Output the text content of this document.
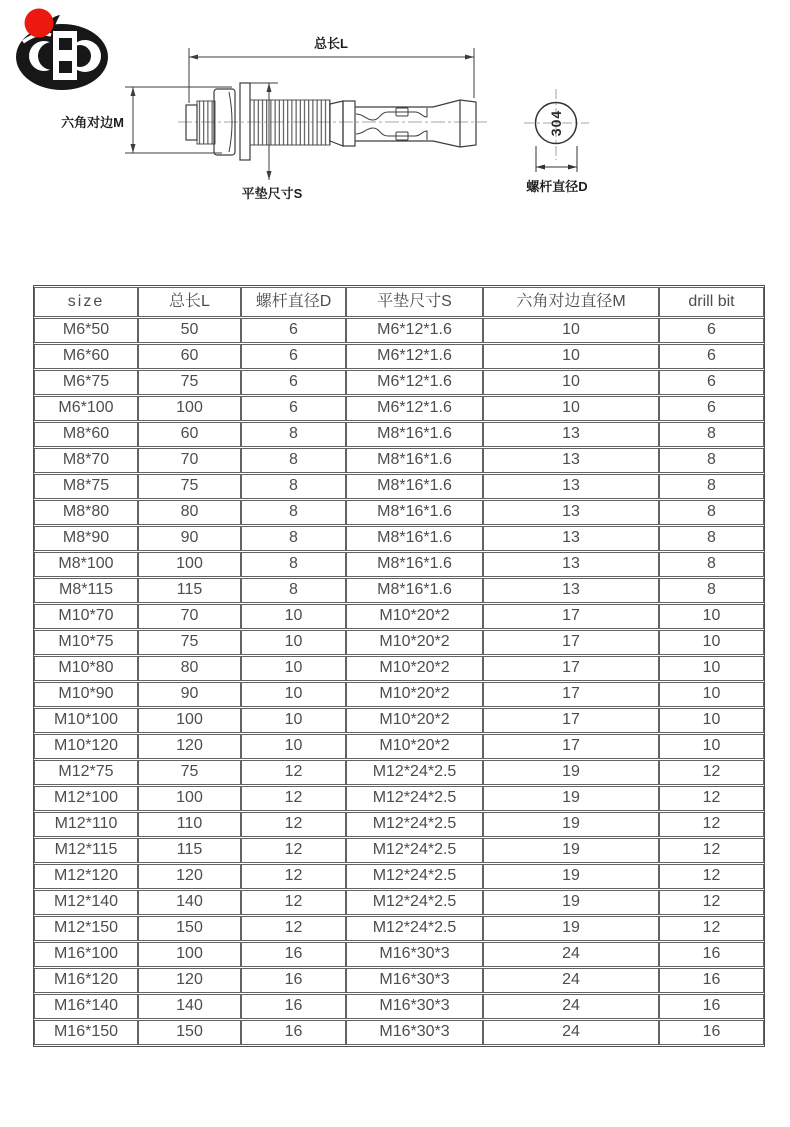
总长L
六角对边M
平垫尺寸S
304
螺杆直径D
size	总长L	螺杆直径D	平垫尺寸S	六角对边直径M	drill bit
M6*50	50	6	M6*12*1.6	10	6
M6*60	60	6	M6*12*1.6	10	6
M6*75	75	6	M6*12*1.6	10	6
M6*100	100	6	M6*12*1.6	10	6
M8*60	60	8	M8*16*1.6	13	8
M8*70	70	8	M8*16*1.6	13	8
M8*75	75	8	M8*16*1.6	13	8
M8*80	80	8	M8*16*1.6	13	8
M8*90	90	8	M8*16*1.6	13	8
M8*100	100	8	M8*16*1.6	13	8
M8*115	115	8	M8*16*1.6	13	8
M10*70	70	10	M10*20*2	17	10
M10*75	75	10	M10*20*2	17	10
M10*80	80	10	M10*20*2	17	10
M10*90	90	10	M10*20*2	17	10
M10*100	100	10	M10*20*2	17	10
M10*120	120	10	M10*20*2	17	10
M12*75	75	12	M12*24*2.5	19	12
M12*100	100	12	M12*24*2.5	19	12
M12*110	110	12	M12*24*2.5	19	12
M12*115	115	12	M12*24*2.5	19	12
M12*120	120	12	M12*24*2.5	19	12
M12*140	140	12	M12*24*2.5	19	12
M12*150	150	12	M12*24*2.5	19	12
M16*100	100	16	M16*30*3	24	16
M16*120	120	16	M16*30*3	24	16
M16*140	140	16	M16*30*3	24	16
M16*150	150	16	M16*30*3	24	16
